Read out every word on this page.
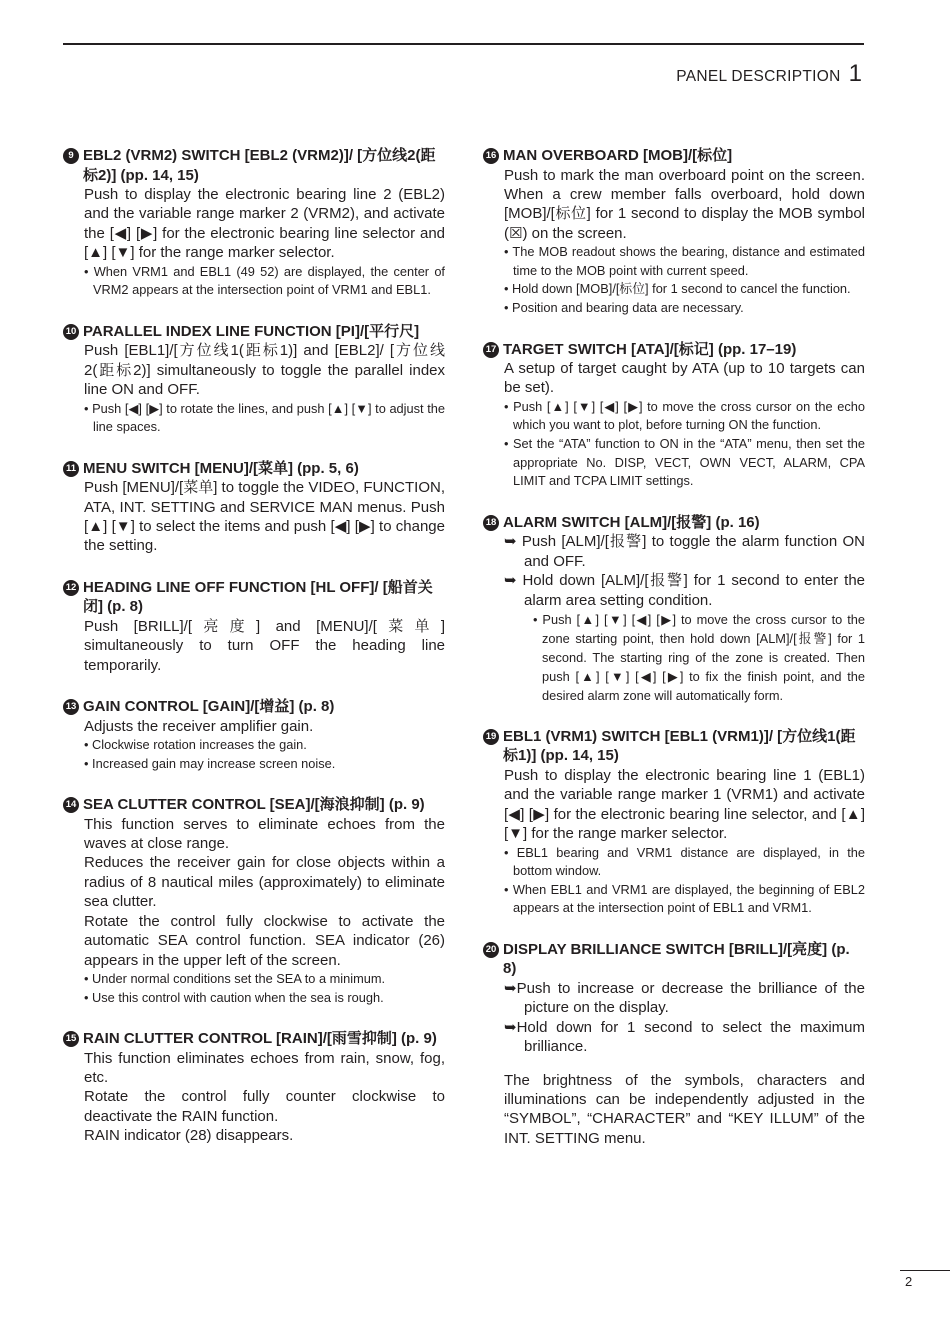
PANEL DESCRIPTION 1
9 EBL2 (VRM2) SWITCH [EBL2 (VRM2)]/ [方位线2(距标2)] (pp. 14, 15)
Push to display the electronic bearing line 2 (EBL2) and the variable range marker 2 (VRM2), and activate the [◀] [▶] for the electronic bearing line selector and [▲] [▼] for the range marker selector.
• When VRM1 and EBL1 (49 52) are displayed, the center of VRM2 appears at the intersection point of VRM1 and EBL1.
10 PARALLEL INDEX LINE FUNCTION [PI]/[平行尺]
Push [EBL1]/[方位线1(距标1)] and [EBL2]/ [方位线2(距标2)] simultaneously to toggle the parallel index line ON and OFF.
• Push [◀] [▶] to rotate the lines, and push [▲] [▼] to adjust the line spaces.
11 MENU SWITCH [MENU]/[菜单] (pp. 5, 6)
Push [MENU]/[菜单] to toggle the VIDEO, FUNCTION, ATA, INT. SETTING and SERVICE MAN menus. Push [▲] [▼] to select the items and push [◀] [▶] to change the setting.
12 HEADING LINE OFF FUNCTION [HL OFF]/ [船首关闭] (p. 8)
Push [BRILL]/[亮度] and [MENU]/[菜单] simultaneously to turn OFF the heading line temporarily.
13 GAIN CONTROL [GAIN]/[增益] (p. 8)
Adjusts the receiver amplifier gain.
• Clockwise rotation increases the gain.
• Increased gain may increase screen noise.
14 SEA CLUTTER CONTROL [SEA]/[海浪抑制] (p. 9)
This function serves to eliminate echoes from the waves at close range.
Reduces the receiver gain for close objects within a radius of 8 nautical miles (approximately) to eliminate sea clutter.
Rotate the control fully clockwise to activate the automatic SEA control function. SEA indicator (26) appears in the upper left of the screen.
• Under normal conditions set the SEA to a minimum.
• Use this control with caution when the sea is rough.
15 RAIN CLUTTER CONTROL [RAIN]/[雨雪抑制] (p. 9)
This function eliminates echoes from rain, snow, fog, etc.
Rotate the control fully counter clockwise to deactivate the RAIN function.
RAIN indicator (28) disappears.
16 MAN OVERBOARD [MOB]/[标位]
Push to mark the man overboard point on the screen. When a crew member falls overboard, hold down [MOB]/[标位] for 1 second to display the MOB symbol (☒) on the screen.
• The MOB readout shows the bearing, distance and estimated time to the MOB point with current speed.
• Hold down [MOB]/[标位] for 1 second to cancel the function.
• Position and bearing data are necessary.
17 TARGET SWITCH [ATA]/[标记] (pp. 17–19)
A setup of target caught by ATA (up to 10 targets can be set).
• Push [▲] [▼] [◀] [▶] to move the cross cursor on the echo which you want to plot, before turning ON the function.
• Set the “ATA” function to ON in the “ATA” menu, then set the appropriate No. DISP, VECT, OWN VECT, ALARM, CPA LIMIT and TCPA LIMIT settings.
18 ALARM SWITCH [ALM]/[报警] (p. 16)
➥ Push [ALM]/[报警] to toggle the alarm function ON and OFF.
➥ Hold down [ALM]/[报警] for 1 second to enter the alarm area setting condition.
• Push [▲] [▼] [◀] [▶] to move the cross cursor to the zone starting point, then hold down [ALM]/[报警] for 1 second. The starting ring of the zone is created. Then push [▲] [▼] [◀] [▶] to fix the finish point, and the desired alarm zone will automatically form.
19 EBL1 (VRM1) SWITCH [EBL1 (VRM1)]/ [方位线1(距标1)] (pp. 14, 15)
Push to display the electronic bearing line 1 (EBL1) and the variable range marker 1 (VRM1) and activate [◀] [▶] for the electronic bearing line selector, and [▲] [▼] for the range marker selector.
• EBL1 bearing and VRM1 distance are displayed, in the bottom window.
• When EBL1 and VRM1 are displayed, the beginning of EBL2 appears at the intersection point of EBL1 and VRM1.
20 DISPLAY BRILLIANCE SWITCH [BRILL]/[亮度] (p. 8)
➥Push to increase or decrease the brilliance of the picture on the display.
➥Hold down for 1 second to select the maximum brilliance.
The brightness of the symbols, characters and illuminations can be independently adjusted in the “SYMBOL”, “CHARACTER” and “KEY ILLUM” of the INT. SETTING menu.
2
